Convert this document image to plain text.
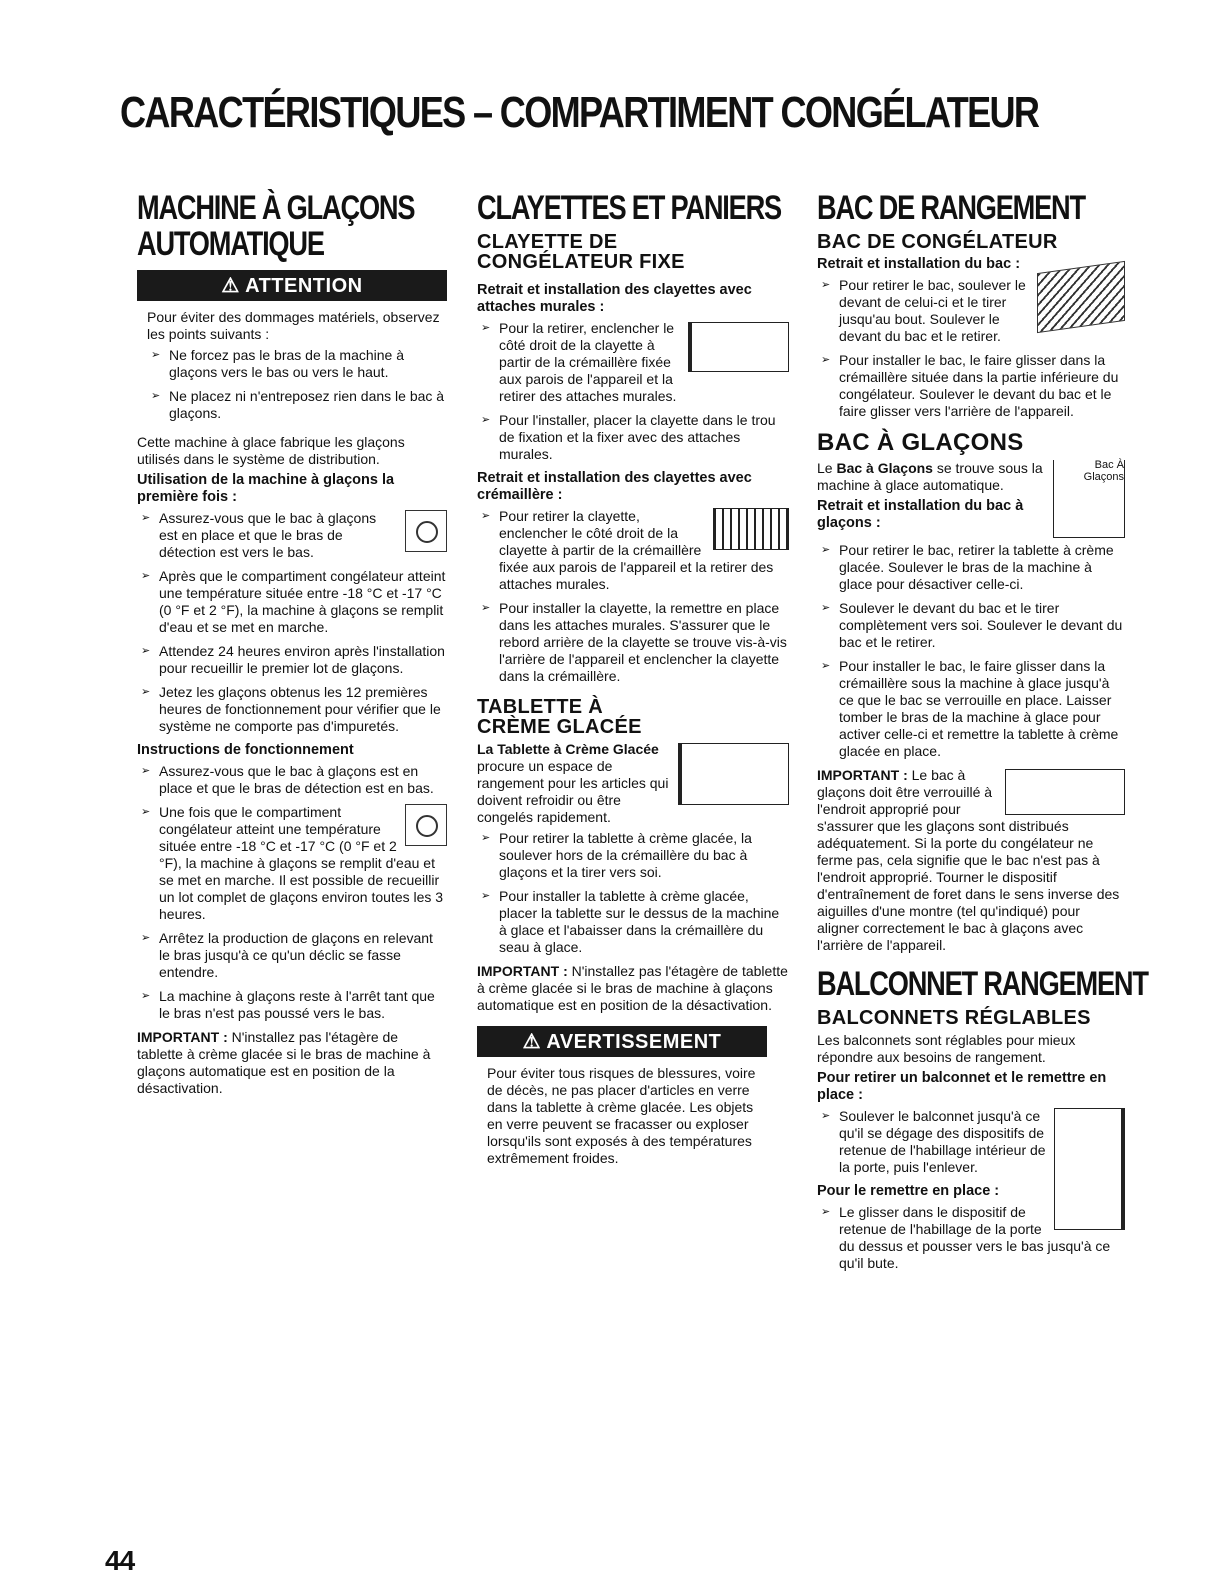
CARACTÉRISTIQUES – COMPARTIMENT CONGÉLATEUR
MACHINE À GLAÇONS AUTOMATIQUE
⚠ ATTENTION

Pour éviter des dommages matériels, observez les points suivants :

➢ Ne forcez pas le bras de la machine à glaçons vers le bas ou vers le haut.
➢ Ne placez ni n'entreposez rien dans le bac à glaçons.

Cette machine à glace fabrique les glaçons utilisés dans le système de distribution.

Utilisation de la machine à glaçons la première fois :

➢ Assurez-vous que le bac à glaçons est en place et que le bras de détection est vers le bas.
➢ Après que le compartiment congélateur atteint une température située entre -18 °C et -17 °C (0 °F et 2 °F), la machine à glaçons se remplit d'eau et se met en marche.
➢ Attendez 24 heures environ après l'installation pour recueillir le premier lot de glaçons.
➢ Jetez les glaçons obtenus les 12 premières heures de fonctionnement pour vérifier que le système ne comporte pas d'impuretés.

Instructions de fonctionnement

➢ Assurez-vous que le bac à glaçons est en place et que le bras de détection est en bas.
➢ Une fois que le compartiment congélateur atteint une température située entre -18 °C et -17 °C (0 °F et 2 °F), la machine à glaçons se remplit d'eau et se met en marche. Il est possible de recueillir un lot complet de glaçons environ toutes les 3 heures.
➢ Arrêtez la production de glaçons en relevant le bras jusqu'à ce qu'un déclic se fasse entendre.
➢ La machine à glaçons reste à l'arrêt tant que le bras n'est pas poussé vers le bas.

IMPORTANT : N'installez pas l'étagère de tablette à crème glacée si le bras de machine à glaçons automatique est en position de la désactivation.

CLAYETTES ET PANIERS
CLAYETTE DE CONGÉLATEUR FIXE

Retrait et installation des clayettes avec attaches murales :

➢ Pour la retirer, enclencher le côté droit de la clayette à partir de la crémaillère fixée aux parois de l'appareil et la retirer des attaches murales.
➢ Pour l'installer, placer la clayette dans le trou de fixation et la fixer avec des attaches murales.

Retrait et installation des clayettes avec crémaillère :

➢ Pour retirer la clayette, enclencher le côté droit de la clayette à partir de la crémaillère fixée aux parois de l'appareil et la retirer des attaches murales.
➢ Pour installer la clayette, la remettre en place dans les attaches murales. S'assurer que le rebord arrière de la clayette se trouve vis-à-vis l'arrière de l'appareil et enclencher la clayette dans la crémaillère.
TABLETTE À CRÈME GLACÉE

La Tablette à Crème Glacée procure un espace de rangement pour les articles qui doivent refroidir ou être congelés rapidement.

➢ Pour retirer la tablette à crème glacée, la soulever hors de la crémaillère du bac à glaçons et la tirer vers soi.
➢ Pour installer la tablette à crème glacée, placer la tablette sur le dessus de la machine à glace et l'abaisser dans la crémaillère du seau à glace.

IMPORTANT : N'installez pas l'étagère de tablette à crème glacée si le bras de machine à glaçons automatique est en position de la désactivation.

⚠ AVERTISSEMENT

Pour éviter tous risques de blessures, voire de décès, ne pas placer d'articles en verre dans la tablette à crème glacée. Les objets en verre peuvent se fracasser ou exploser lorsqu'ils sont exposés à des températures extrêmement froides.

BAC DE RANGEMENT
BAC DE CONGÉLATEUR

Retrait et installation du bac :

➢ Pour retirer le bac, soulever le devant de celui-ci et le tirer jusqu'au bout. Soulever le devant du bac et le retirer.
➢ Pour installer le bac, le faire glisser dans la crémaillère située dans la partie inférieure du congélateur. Soulever le devant du bac et le faire glisser vers l'arrière de l'appareil.
BAC À GLAÇONS

Bac À Glaçons
Le Bac à Glaçons se trouve sous la machine à glace automatique.

Retrait et installation du bac à glaçons :

➢ Pour retirer le bac, retirer la tablette à crème glacée. Soulever le bras de la machine à glace pour désactiver celle-ci.
➢ Soulever le devant du bac et le tirer complètement vers soi. Soulever le devant du bac et le retirer.
➢ Pour installer le bac, le faire glisser dans la crémaillère sous la machine à glace jusqu'à ce que le bac se verrouille en place. Laisser tomber le bras de la machine à glace pour activer celle-ci et remettre la tablette à crème glacée en place.

IMPORTANT : Le bac à glaçons doit être verrouillé à l'endroit approprié pour s'assurer que les glaçons sont distribués adéquatement. Si la porte du congélateur ne ferme pas, cela signifie que le bac n'est pas à l'endroit approprié. Tourner le dispositif d'entraînement de foret dans le sens inverse des aiguilles d'une montre (tel qu'indiqué) pour aligner correctement le bac à glaçons avec l'arrière de l'appareil.

BALCONNET RANGEMENT
BALCONNETS RÉGLABLES

Les balconnets sont réglables pour mieux répondre aux besoins de rangement.

Pour retirer un balconnet et le remettre en place :

➢ Soulever le balconnet jusqu'à ce qu'il se dégage des dispositifs de retenue de l'habillage intérieur de la porte, puis l'enlever.

Pour le remettre en place :

➢ Le glisser dans le dispositif de retenue de l'habillage de la porte du dessus et pousser vers le bas jusqu'à ce qu'il bute.
44
